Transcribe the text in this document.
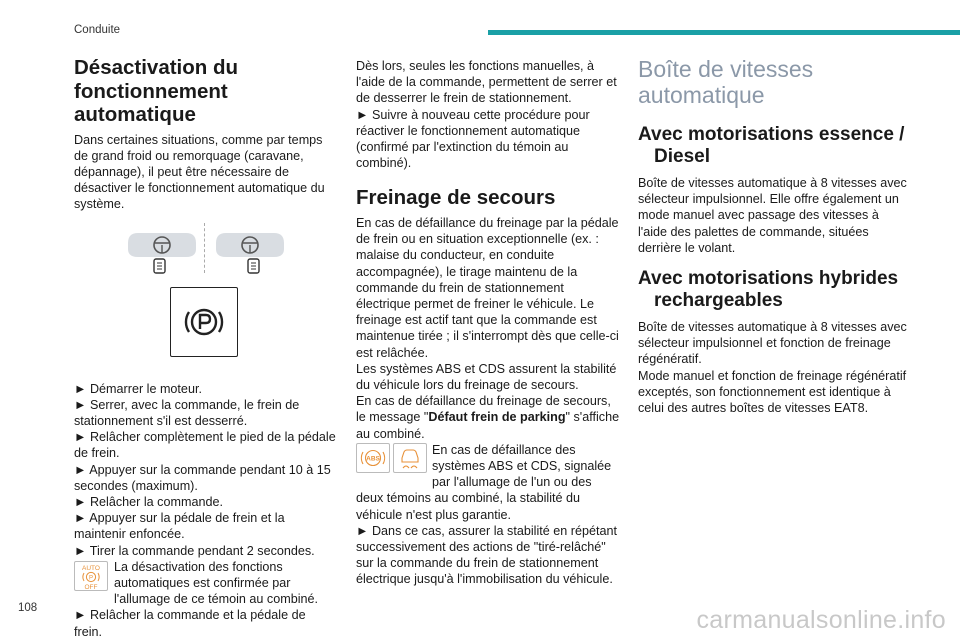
Conduite
Désactivation du fonctionnement automatique

Dans certaines situations, comme par temps de grand froid ou remorquage (caravane, dépannage), il peut être nécessaire de désactiver le fonctionnement automatique du système.

► Démarrer le moteur.

► Serrer, avec la commande, le frein de stationnement s'il est desserré.

► Relâcher complètement le pied de la pédale de frein.

► Appuyer sur la commande pendant 10 à 15 secondes (maximum).

► Relâcher la commande.

► Appuyer sur la pédale de frein et la maintenir enfoncée.

► Tirer la commande pendant 2 secondes.

AUTO
P
OFF
La désactivation des fonctions automatiques est confirmée par l'allumage de ce témoin au combiné.

► Relâcher la commande et la pédale de frein.

Dès lors, seules les fonctions manuelles, à l'aide de la commande, permettent de serrer et de desserrer le frein de stationnement.

► Suivre à nouveau cette procédure pour réactiver le fonctionnement automatique (confirmé par l'extinction du témoin au combiné).

Freinage de secours

En cas de défaillance du freinage par la pédale de frein ou en situation exceptionnelle (ex. : malaise du conducteur, en conduite accompagnée), le tirage maintenu de la commande du frein de stationnement électrique permet de freiner le véhicule. Le freinage est actif tant que la commande est maintenue tirée ; il s'interrompt dès que celle-ci est relâchée.

Les systèmes ABS et CDS assurent la stabilité du véhicule lors du freinage de secours.

En cas de défaillance du freinage de secours, le message "Défaut frein de parking" s'affiche au combiné.

ABS
En cas de défaillance des systèmes ABS et CDS, signalée par l'allumage de l'un ou des deux témoins au combiné, la stabilité du véhicule n'est plus garantie.

► Dans ce cas, assurer la stabilité en répétant successivement des actions de "tiré-relâché" sur la commande du frein de stationnement électrique jusqu'à l'immobilisation du véhicule.

Boîte de vitesses automatique
Avec motorisations essence / Diesel

Boîte de vitesses automatique à 8 vitesses avec sélecteur impulsionnel. Elle offre également un mode manuel avec passage des vitesses à l'aide des palettes de commande, situées derrière le volant.

Avec motorisations hybrides rechargeables

Boîte de vitesses automatique à 8 vitesses avec sélecteur impulsionnel et fonction de freinage régénératif.

Mode manuel et fonction de freinage régénératif exceptés, son fonctionnement est identique à celui des autres boîtes de vitesses EAT8.

108	carmanualsonline.info
